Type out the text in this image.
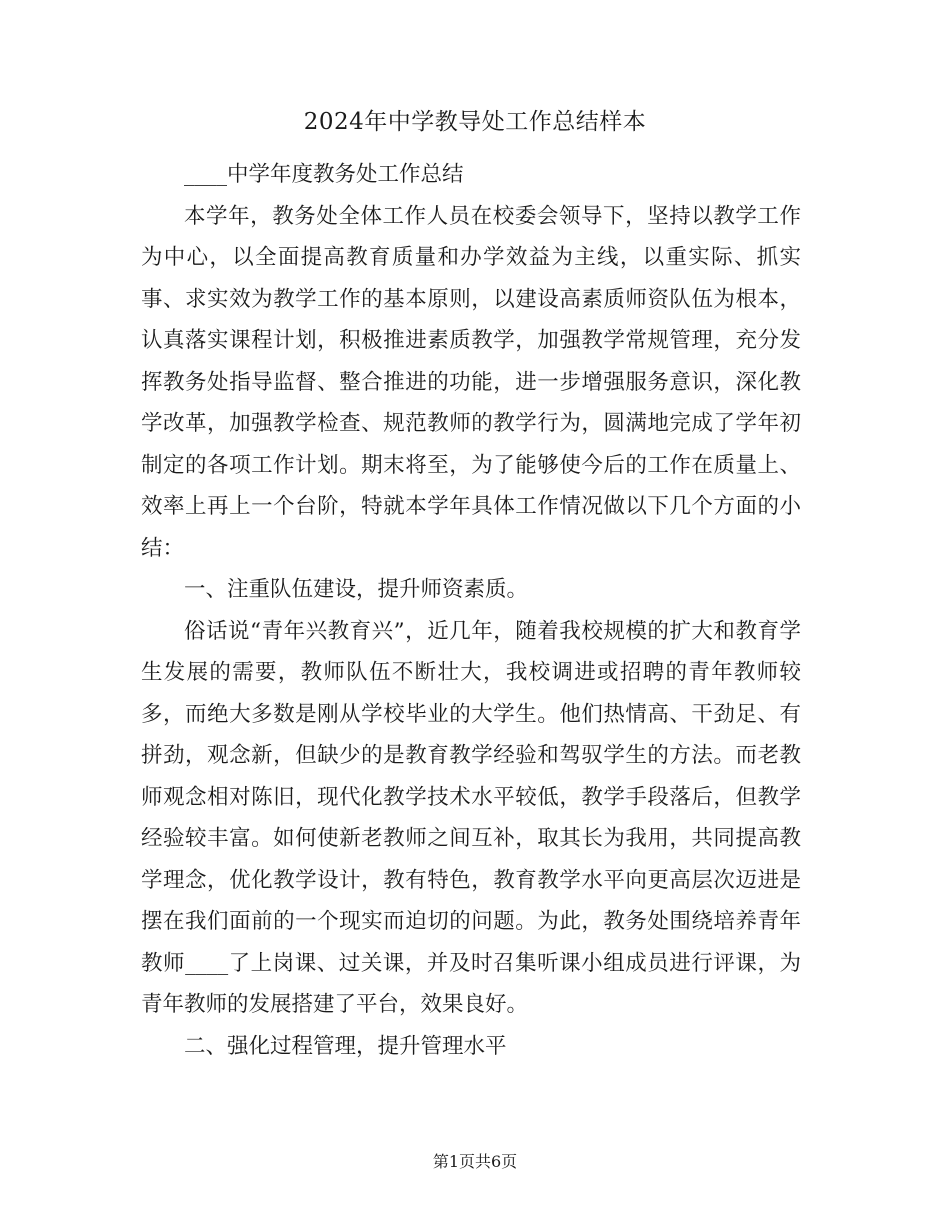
2024年中学教导处工作总结样本

____中学年度教务处工作总结

本学年，教务处全体工作人员在校委会领导下，坚持以教学工作为中心，以全面提高教育质量和办学效益为主线，以重实际、抓实事、求实效为教学工作的基本原则，以建设高素质师资队伍为根本，认真落实课程计划，积极推进素质教学，加强教学常规管理，充分发挥教务处指导监督、整合推进的功能，进一步增强服务意识，深化教学改革，加强教学检查、规范教师的教学行为，圆满地完成了学年初制定的各项工作计划。期末将至，为了能够使今后的工作在质量上、效率上再上一个台阶，特就本学年具体工作情况做以下几个方面的小结：

一、注重队伍建设，提升师资素质。

俗话说“青年兴教育兴”，近几年，随着我校规模的扩大和教育学生发展的需要，教师队伍不断壮大，我校调进或招聘的青年教师较多，而绝大多数是刚从学校毕业的大学生。他们热情高、干劲足、有拼劲，观念新，但缺少的是教育教学经验和驾驭学生的方法。而老教师观念相对陈旧，现代化教学技术水平较低，教学手段落后，但教学经验较丰富。如何使新老教师之间互补，取其长为我用，共同提高教学理念，优化教学设计，教有特色，教育教学水平向更高层次迈进是摆在我们面前的一个现实而迫切的问题。为此，教务处围绕培养青年教师____了上岗课、过关课，并及时召集听课小组成员进行评课，为青年教师的发展搭建了平台，效果良好。

二、强化过程管理，提升管理水平

第1页共6页
